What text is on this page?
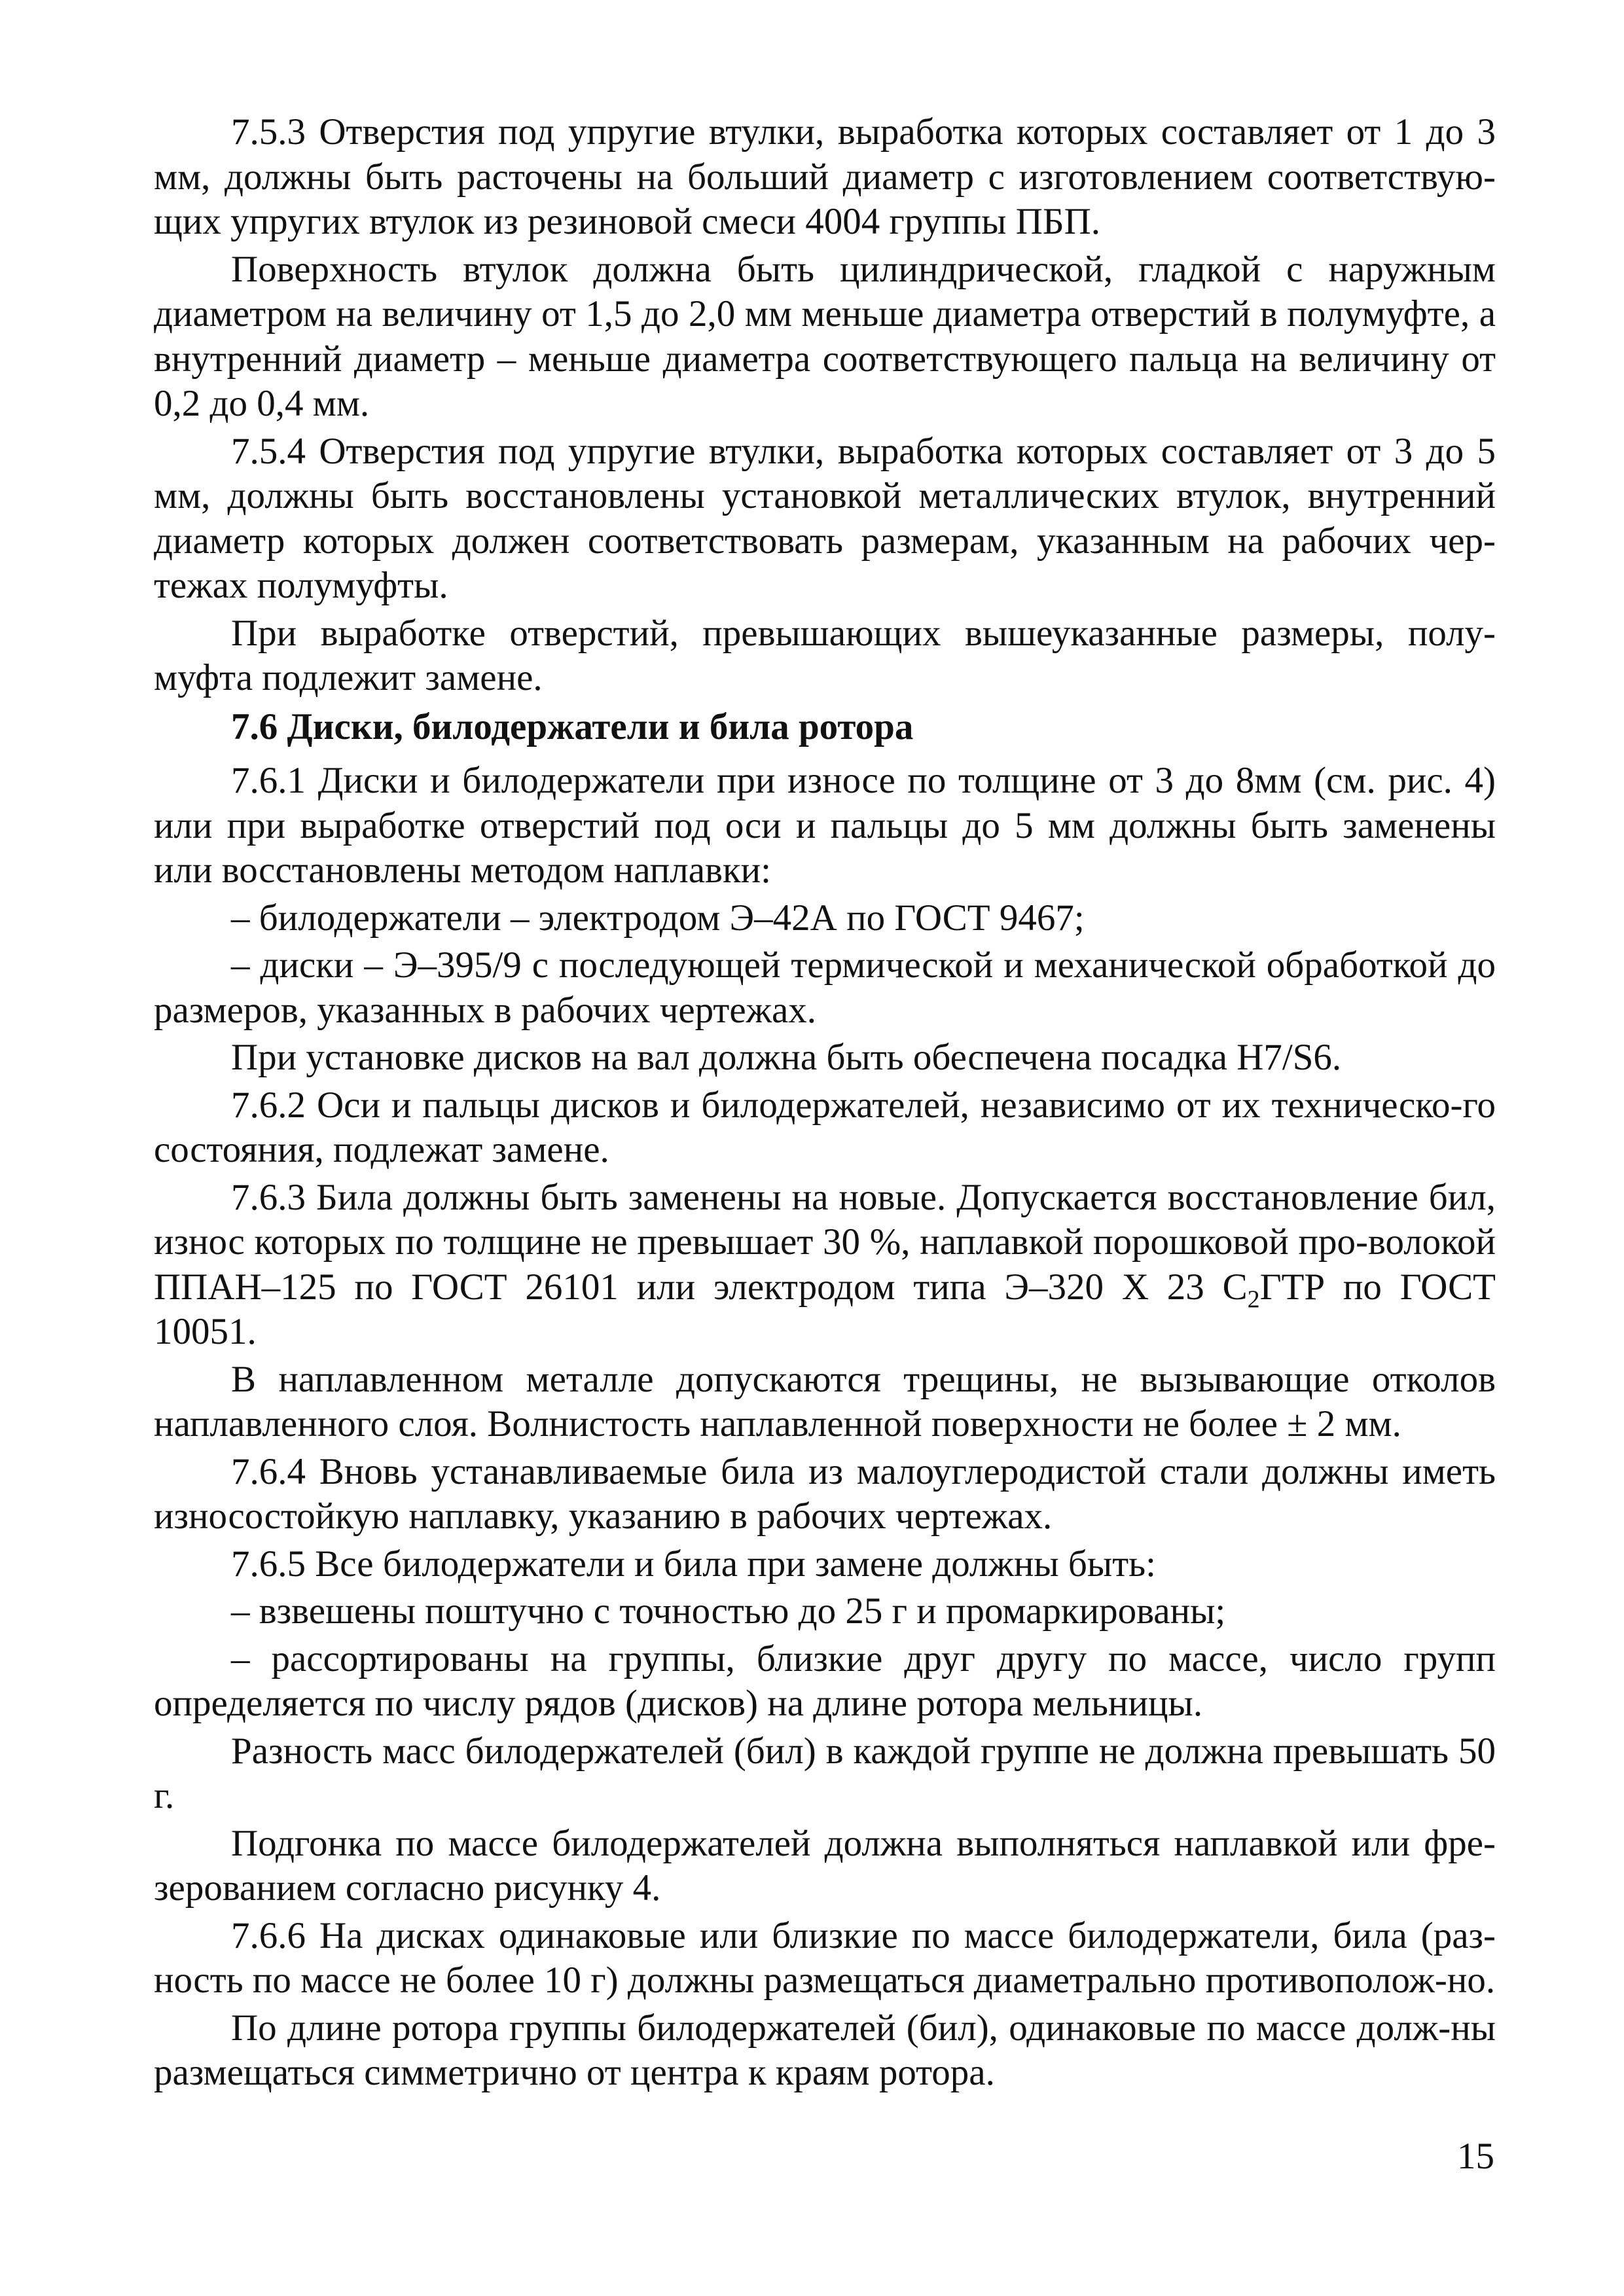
7.5.3 Отверстия под упругие втулки, выработка которых составляет от 1 до 3 мм, должны быть расточены на больший диаметр с изготовлением соответствую-щих упругих втулок из резиновой смеси 4004 группы ПБП.

Поверхность втулок должна быть цилиндрической, гладкой с наружным диаметром на величину от 1,5 до 2,0 мм меньше диаметра отверстий в полумуфте, а внутренний диаметр – меньше диаметра соответствующего пальца на величину от 0,2 до 0,4 мм.

7.5.4 Отверстия под упругие втулки, выработка которых составляет от 3 до 5 мм, должны быть восстановлены установкой металлических втулок, внутренний диаметр которых должен соответствовать размерам, указанным на рабочих чер-тежах полумуфты.

При выработке отверстий, превышающих вышеуказанные размеры, полу-муфта подлежит замене.

7.6 Диски, билодержатели и била ротора

7.6.1 Диски и билодержатели при износе по толщине от 3 до 8мм (см. рис. 4) или при выработке отверстий под оси и пальцы до 5 мм должны быть заменены или восстановлены методом наплавки:

– билодержатели – электродом Э–42А по ГОСТ 9467;

– диски – Э–395/9 с последующей термической и механической обработкой до размеров, указанных в рабочих чертежах.

При установке дисков на вал должна быть обеспечена посадка H7/S6.

7.6.2 Оси и пальцы дисков и билодержателей, независимо от их техническо-го состояния, подлежат замене.

7.6.3 Била должны быть заменены на новые. Допускается восстановление бил, износ которых по толщине не превышает 30 %, наплавкой порошковой про-волокой ППАН–125 по ГОСТ 26101 или электродом типа Э–320 Х 23 $С_2ГТР$ по ГОСТ 10051.

В наплавленном металле допускаются трещины, не вызывающие отколов наплавленного слоя. Волнистость наплавленной поверхности не более ± 2 мм.

7.6.4 Вновь устанавливаемые била из малоуглеродистой стали должны иметь износостойкую наплавку, указанию в рабочих чертежах.

7.6.5 Все билодержатели и била при замене должны быть:

– взвешены поштучно с точностью до 25 г и промаркированы;

– рассортированы на группы, близкие друг другу по массе, число групп определяется по числу рядов (дисков) на длине ротора мельницы.

Разность масс билодержателей (бил) в каждой группе не должна превышать 50 г.

Подгонка по массе билодержателей должна выполняться наплавкой или фре-зерованием согласно рисунку 4.

7.6.6 На дисках одинаковые или близкие по массе билодержатели, била (раз-ность по массе не более 10 г) должны размещаться диаметрально противополож-но.

По длине ротора группы билодержателей (бил), одинаковые по массе долж-ны размещаться симметрично от центра к краям ротора.

15
